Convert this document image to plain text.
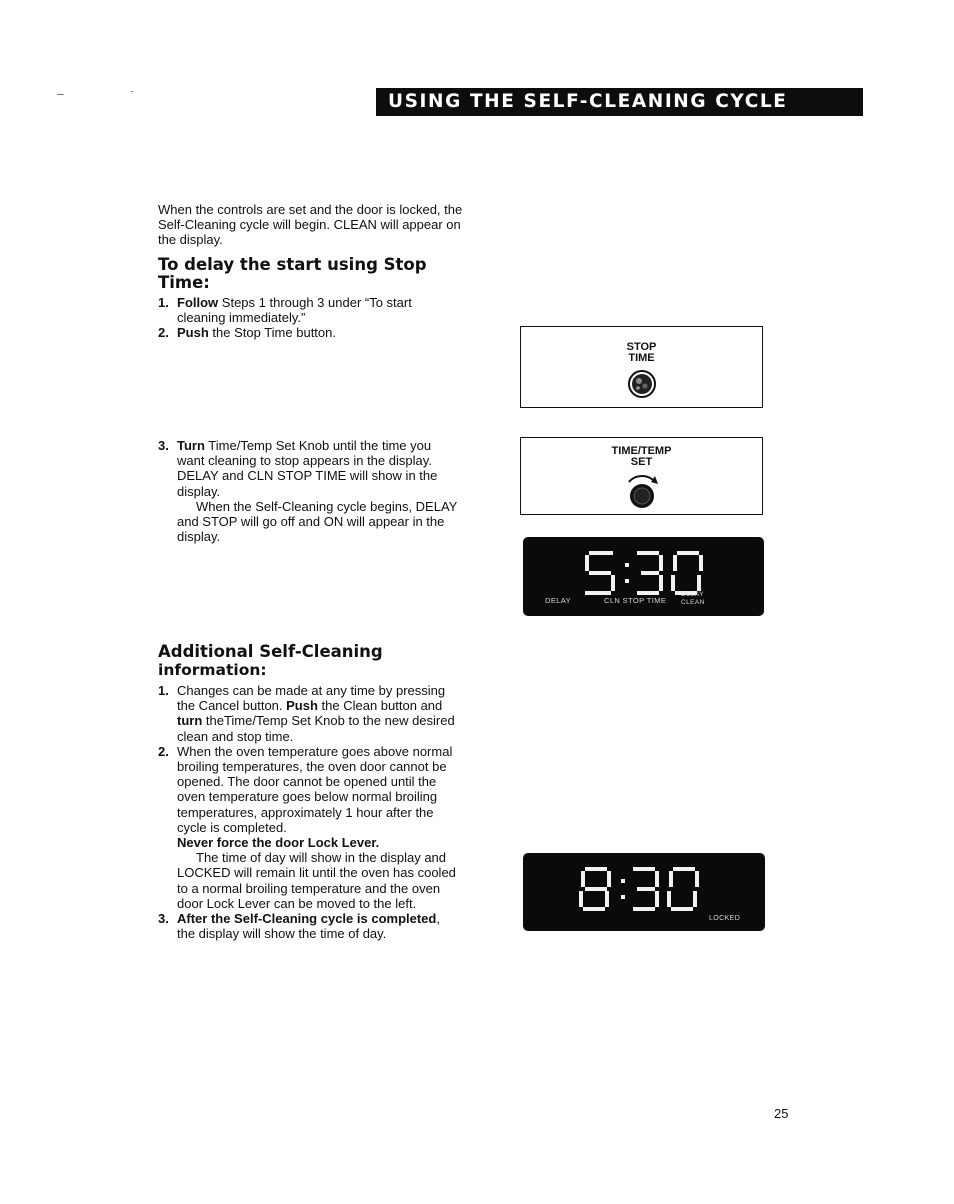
USING THE SELF-CLEANING CYCLE
When the controls are set and the door is locked, the Self-Cleaning cycle will begin. CLEAN will appear on the display.
To delay the start using Stop Time:
1. Follow Steps 1 through 3 under “To start cleaning immediately.”
2. Push the Stop Time button.
3. Turn Time/Temp Set Knob until the time you want cleaning to stop appears in the display. DELAY and CLN STOP TIME will show in the display.
When the Self-Cleaning cycle begins, DELAY and STOP will go off and ON will appear in the display.
STOP
TIME
TIME/TEMP
SET
DELAY	CLN STOP TIME
DELAY
CLEAN
Additional Self-Cleaning
information:
1. Changes can be made at any time by pressing the Cancel button. Push the Clean button and turn theTime/Temp Set Knob to the new desired clean and stop time.
2. When the oven temperature goes above normal broiling temperatures, the oven door cannot be opened. The door cannot be opened until the oven temperature goes below normal broiling temperatures, approximately 1 hour after the cycle is completed.
Never force the door Lock Lever.
The time of day will show in the display and LOCKED will remain lit until the oven has cooled to a normal broiling temperature and the oven door Lock Lever can be moved to the left.
3. After the Self-Cleaning cycle is completed, the display will show the time of day.
LOCKED
25
